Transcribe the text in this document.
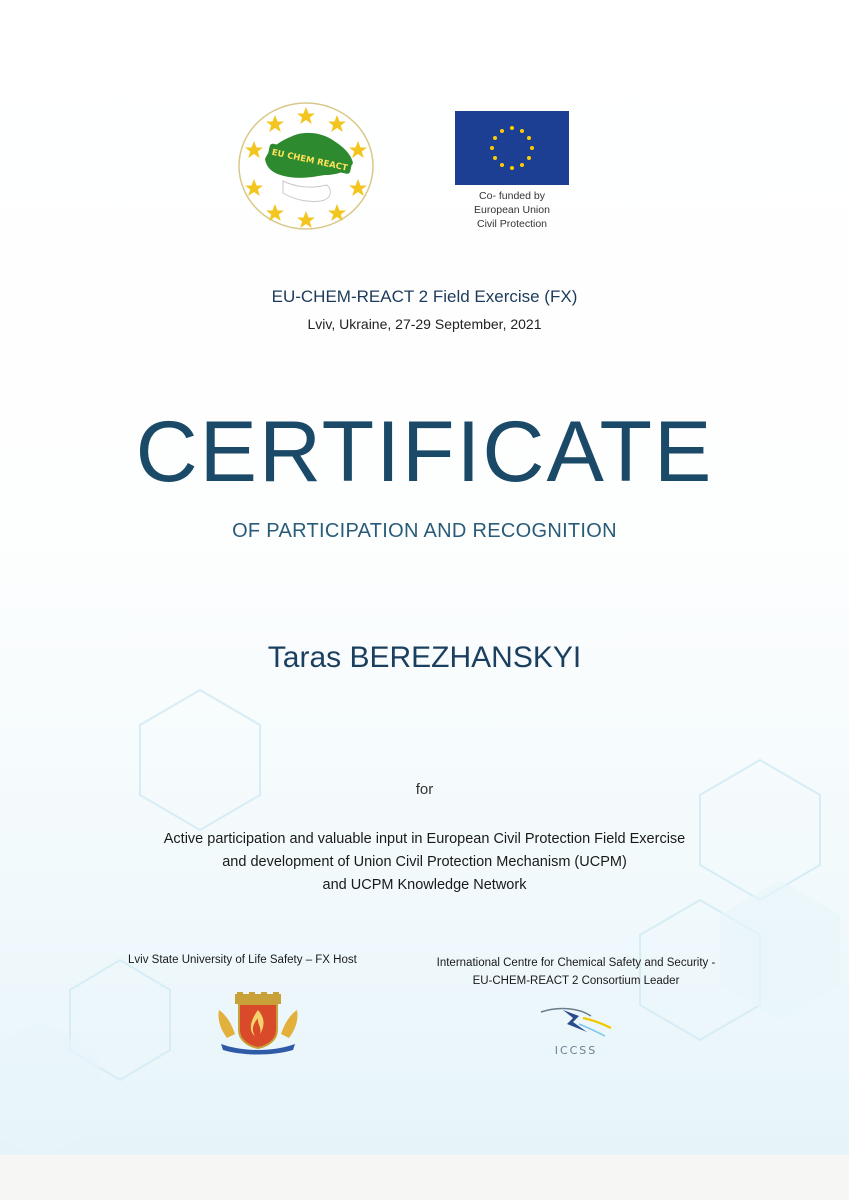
EU CHEM REACT
Co- funded by
European Union
Civil Protection
EU-CHEM-REACT 2 Field Exercise (FX)
Lviv, Ukraine, 27-29 September, 2021
CERTIFICATE
OF PARTICIPATION AND RECOGNITION
Taras BEREZHANSKYI
for
Active participation and valuable input in European Civil Protection Field Exercise
and development of Union Civil Protection Mechanism (UCPM)
and UCPM Knowledge Network
Lviv State University of Life Safety – FX Host	International Centre for Chemical Safety and Security -
EU-CHEM-REACT 2 Consortium Leader
ICCSS
